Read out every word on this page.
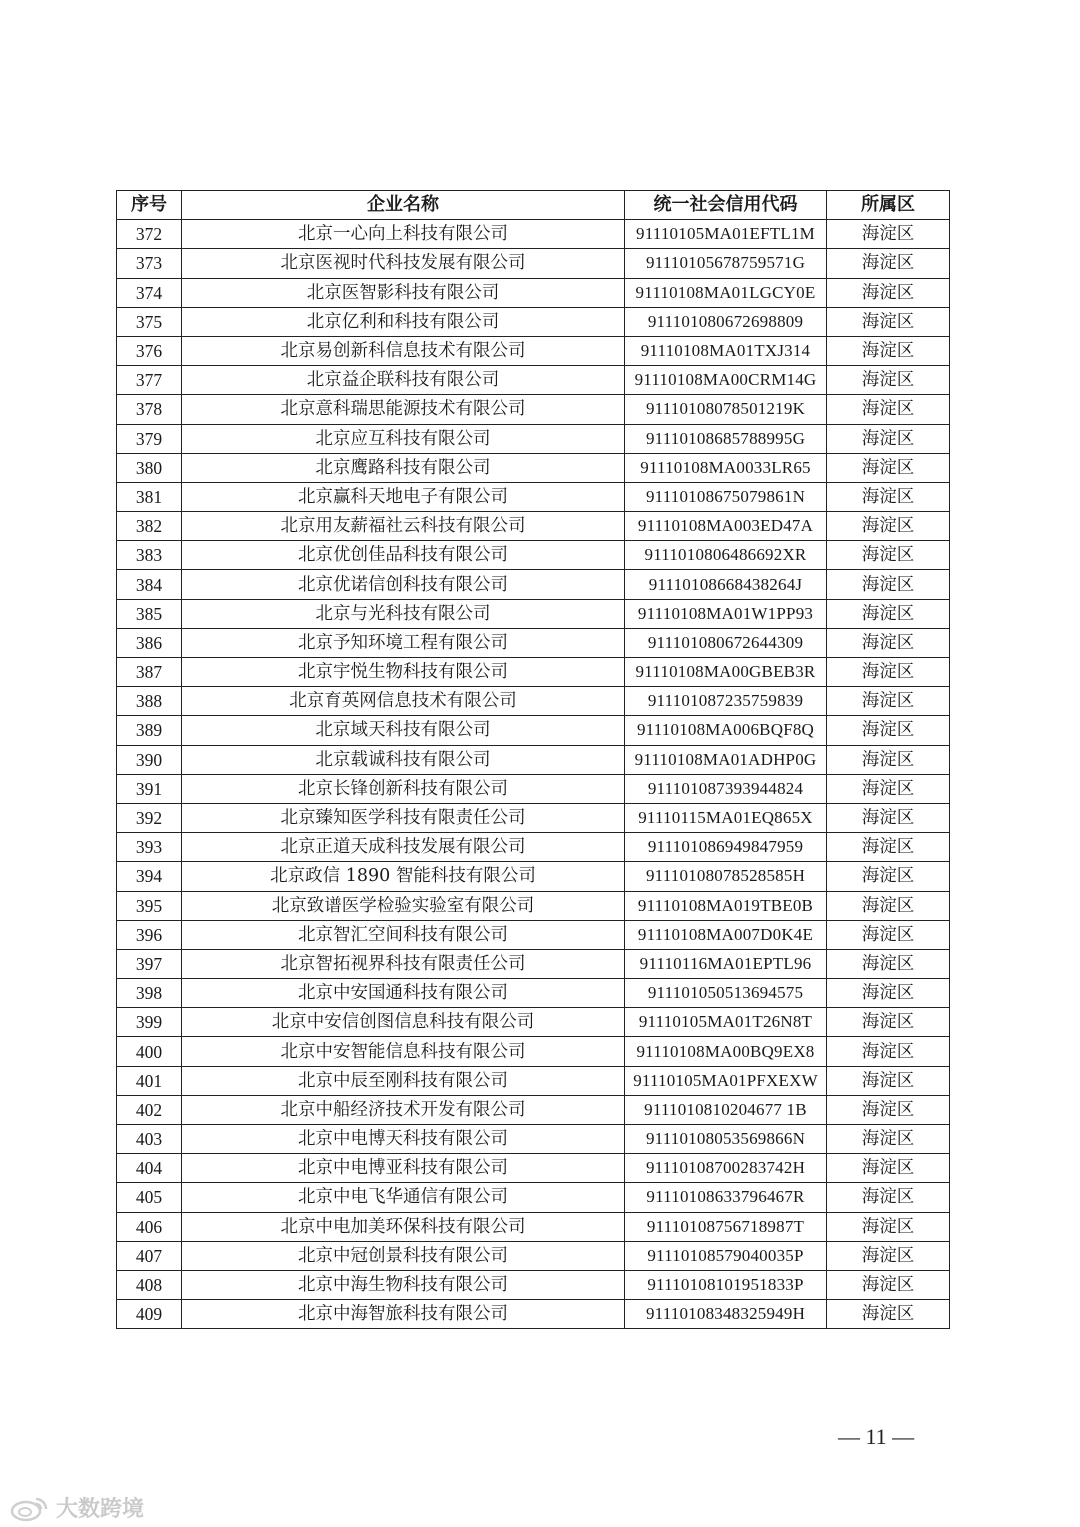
序号	企业名称	统一社会信用代码	所属区
372	北京一心向上科技有限公司	91110105MA01EFTL1M	海淀区
373	北京医视时代科技发展有限公司	91110105678759571G	海淀区
374	北京医智影科技有限公司	91110108MA01LGCY0E	海淀区
375	北京亿利和科技有限公司	911101080672698809	海淀区
376	北京易创新科信息技术有限公司	91110108MA01TXJ314	海淀区
377	北京益企联科技有限公司	91110108MA00CRM14G	海淀区
378	北京意科瑞思能源技术有限公司	91110108078501219K	海淀区
379	北京应互科技有限公司	91110108685788995G	海淀区
380	北京鹰路科技有限公司	91110108MA0033LR65	海淀区
381	北京赢科天地电子有限公司	91110108675079861N	海淀区
382	北京用友薪福社云科技有限公司	91110108MA003ED47A	海淀区
383	北京优创佳品科技有限公司	9111010806486692XR	海淀区
384	北京优诺信创科技有限公司	91110108668438264J	海淀区
385	北京与光科技有限公司	91110108MA01W1PP93	海淀区
386	北京予知环境工程有限公司	911101080672644309	海淀区
387	北京宇悦生物科技有限公司	91110108MA00GBEB3R	海淀区
388	北京育英网信息技术有限公司	911101087235759839	海淀区
389	北京域天科技有限公司	91110108MA006BQF8Q	海淀区
390	北京载诚科技有限公司	91110108MA01ADHP0G	海淀区
391	北京长锋创新科技有限公司	911101087393944824	海淀区
392	北京臻知医学科技有限责任公司	91110115MA01EQ865X	海淀区
393	北京正道天成科技发展有限公司	911101086949847959	海淀区
394	北京政信 1890 智能科技有限公司	91110108078528585H	海淀区
395	北京致谱医学检验实验室有限公司	91110108MA019TBE0B	海淀区
396	北京智汇空间科技有限公司	91110108MA007D0K4E	海淀区
397	北京智拓视界科技有限责任公司	91110116MA01EPTL96	海淀区
398	北京中安国通科技有限公司	911101050513694575	海淀区
399	北京中安信创图信息科技有限公司	91110105MA01T26N8T	海淀区
400	北京中安智能信息科技有限公司	91110108MA00BQ9EX8	海淀区
401	北京中辰至刚科技有限公司	91110105MA01PFXEXW	海淀区
402	北京中船经济技术开发有限公司	9111010810204677 1B	海淀区
403	北京中电博天科技有限公司	91110108053569866N	海淀区
404	北京中电博亚科技有限公司	91110108700283742H	海淀区
405	北京中电飞华通信有限公司	91110108633796467R	海淀区
406	北京中电加美环保科技有限公司	91110108756718987T	海淀区
407	北京中冠创景科技有限公司	91110108579040035P	海淀区
408	北京中海生物科技有限公司	91110108101951833P	海淀区
409	北京中海智旅科技有限公司	91110108348325949H	海淀区
— 11 —
大数跨境
